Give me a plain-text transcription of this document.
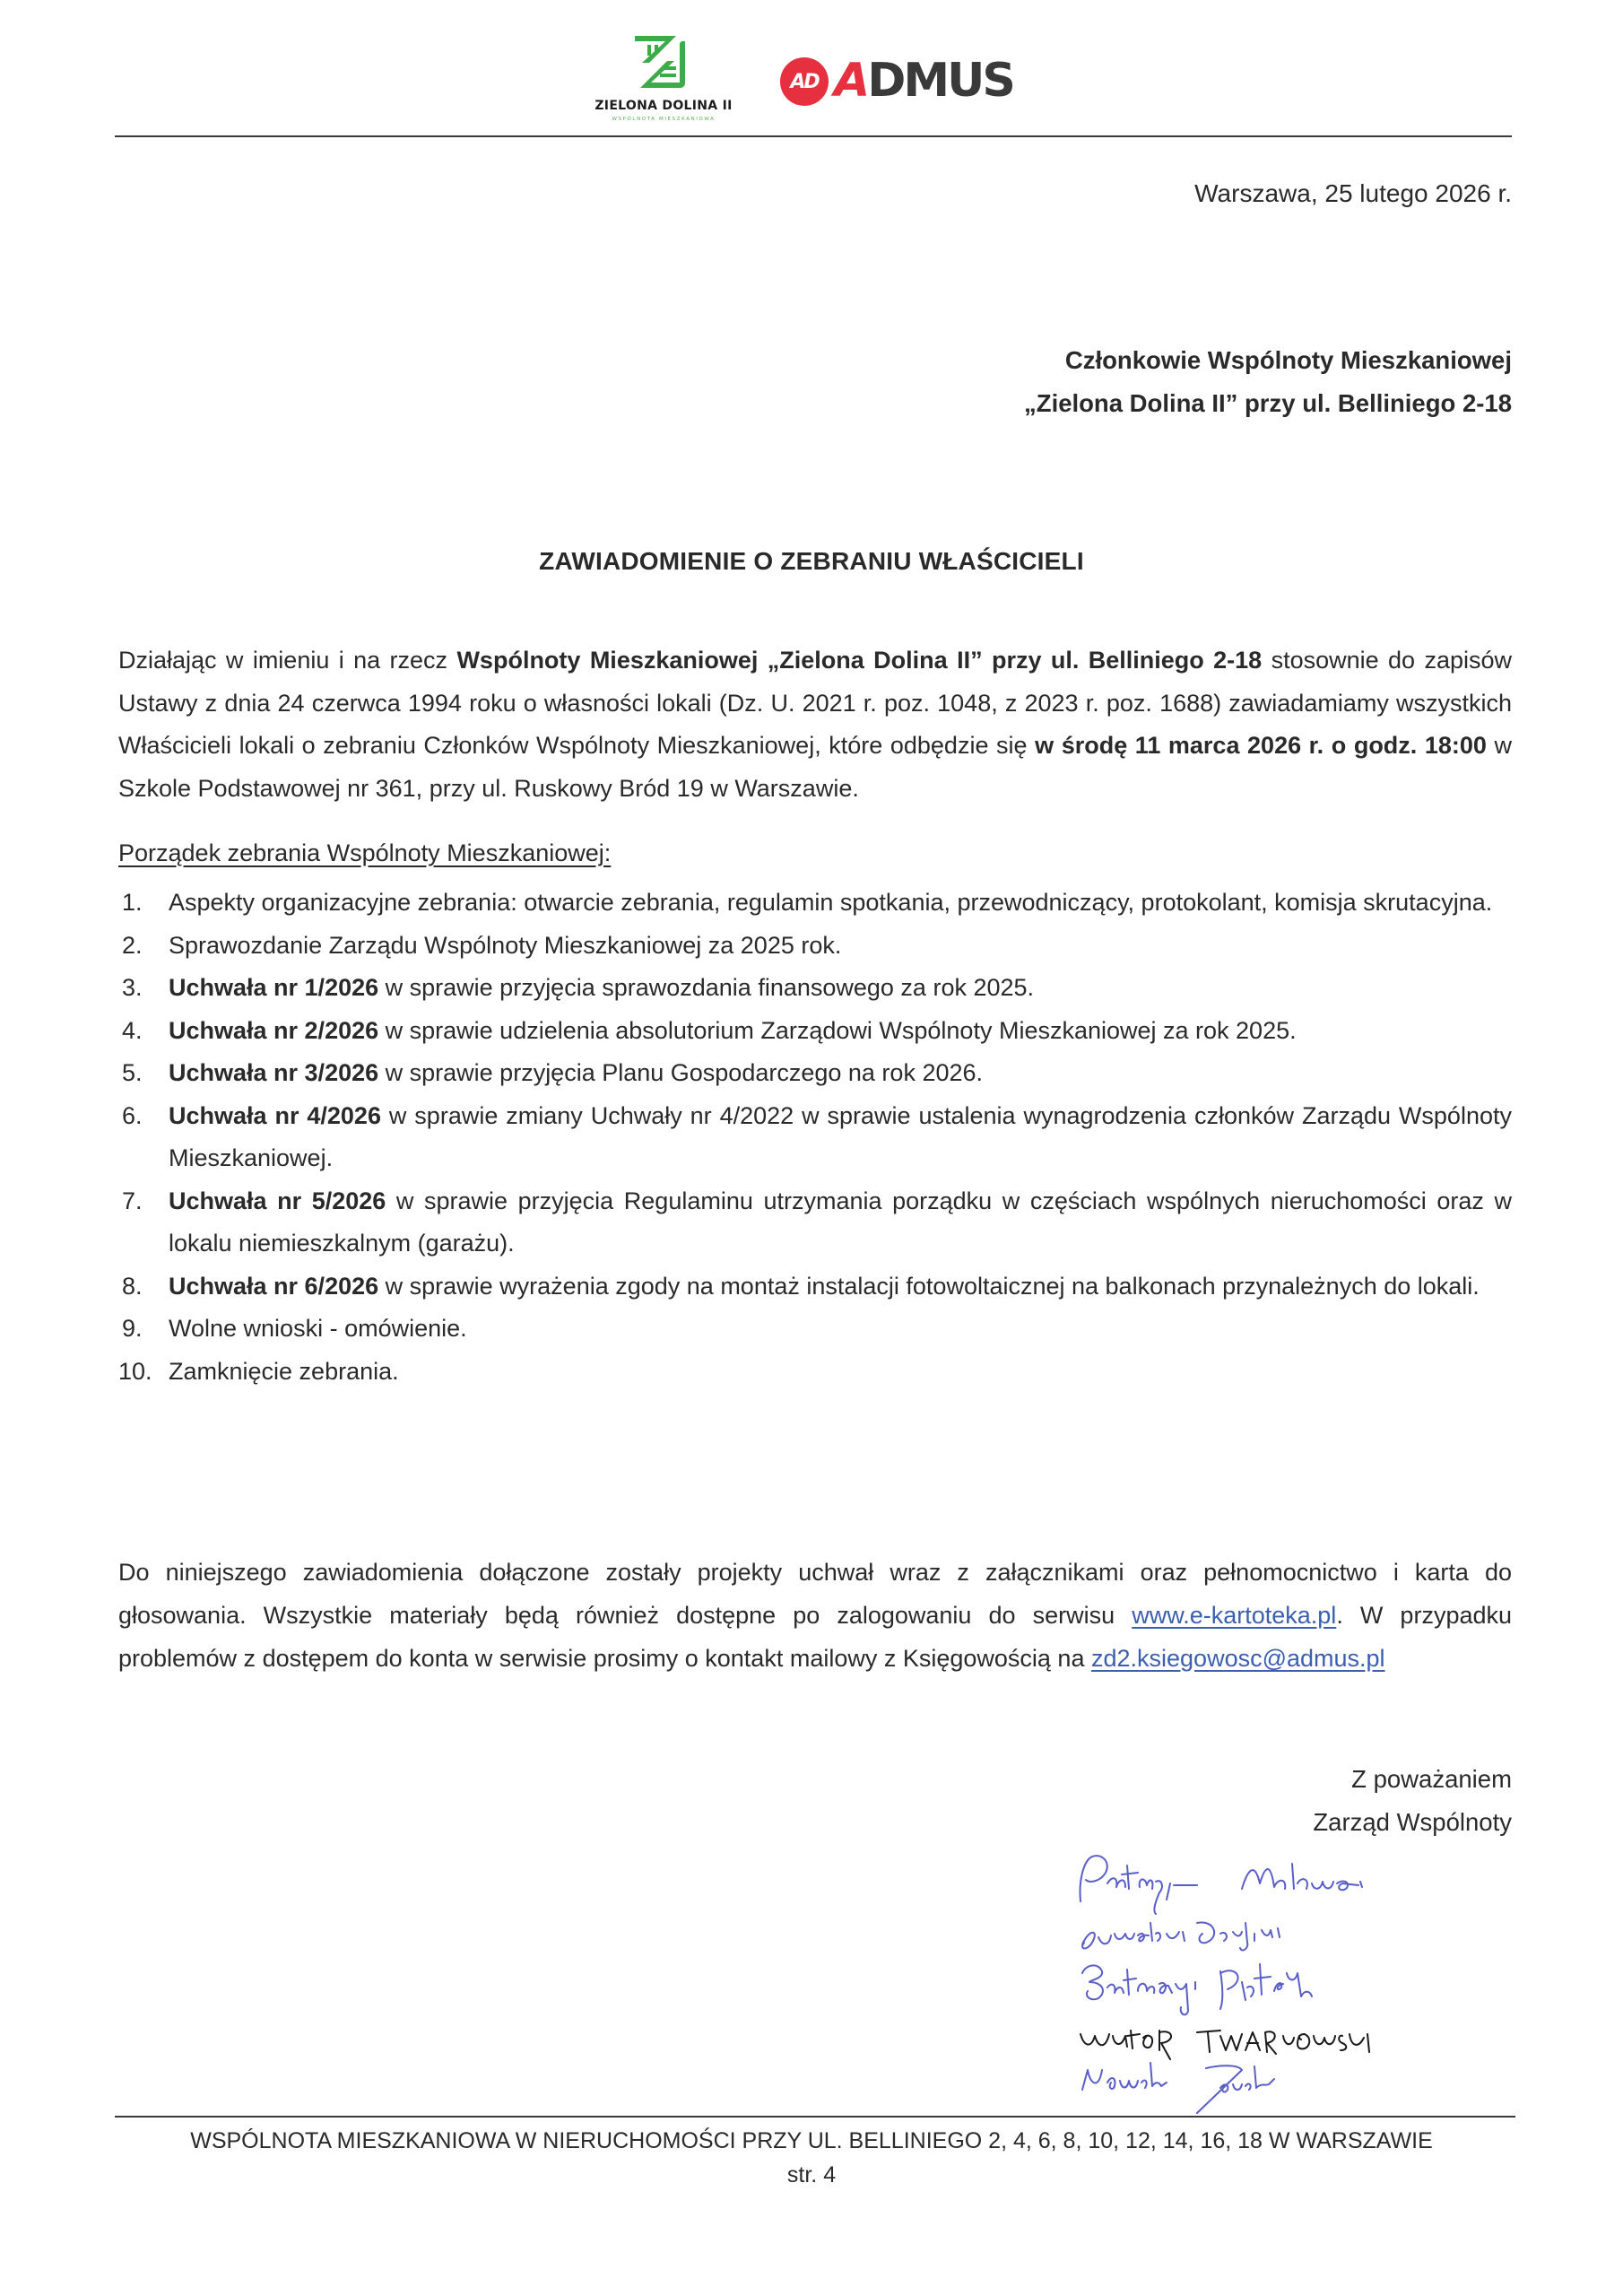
ZIELONA DOLINA II
WSPÓLNOTA MIESZKANIOWA
AD ADMUS
Warszawa, 25 lutego 2026 r.
Członkowie Wspólnoty Mieszkaniowej
„Zielona Dolina II” przy ul. Belliniego 2-18
ZAWIADOMIENIE O ZEBRANIU WŁAŚCICIELI

Działając w imieniu i na rzecz Wspólnoty Mieszkaniowej „Zielona Dolina II” przy ul. Belliniego 2-18 stosownie do zapisów Ustawy z dnia 24 czerwca 1994 roku o własności lokali (Dz. U. 2021 r. poz. 1048, z 2023 r. poz. 1688) zawiadamiamy wszystkich Właścicieli lokali o zebraniu Członków Wspólnoty Mieszkaniowej, które odbędzie się w środę 11 marca 2026 r. o godz. 18:00 w Szkole Podstawowej nr 361, przy ul. Ruskowy Bród 19 w Warszawie.

Porządek zebrania Wspólnoty Mieszkaniowej:
1. Aspekty organizacyjne zebrania: otwarcie zebrania, regulamin spotkania, przewodniczący, protokolant, komisja skrutacyjna.
2. Sprawozdanie Zarządu Wspólnoty Mieszkaniowej za 2025 rok.
3. Uchwała nr 1/2026 w sprawie przyjęcia sprawozdania finansowego za rok 2025.
4. Uchwała nr 2/2026 w sprawie udzielenia absolutorium Zarządowi Wspólnoty Mieszkaniowej za rok 2025.
5. Uchwała nr 3/2026 w sprawie przyjęcia Planu Gospodarczego na rok 2026.
6. Uchwała nr 4/2026 w sprawie zmiany Uchwały nr 4/2022 w sprawie ustalenia wynagrodzenia członków Zarządu Wspólnoty Mieszkaniowej.
7. Uchwała nr 5/2026 w sprawie przyjęcia Regulaminu utrzymania porządku w częściach wspólnych nieruchomości oraz w lokalu niemieszkalnym (garażu).
8. Uchwała nr 6/2026 w sprawie wyrażenia zgody na montaż instalacji fotowoltaicznej na balkonach przynależnych do lokali.
9. Wolne wnioski - omówienie.
10. Zamknięcie zebrania.

Do niniejszego zawiadomienia dołączone zostały projekty uchwał wraz z załącznikami oraz pełnomocnictwo i karta do głosowania. Wszystkie materiały będą również dostępne po zalogowaniu do serwisu www.e-kartoteka.pl. W przypadku problemów z dostępem do konta w serwisie prosimy o kontakt mailowy z Księgowością na zd2.ksiegowosc@admus.pl

Z poważaniem
Zarząd Wspólnoty
WSPÓLNOTA MIESZKANIOWA W NIERUCHOMOŚCI PRZY UL. BELLINIEGO 2, 4, 6, 8, 10, 12, 14, 16, 18 W WARSZAWIE
str. 4
